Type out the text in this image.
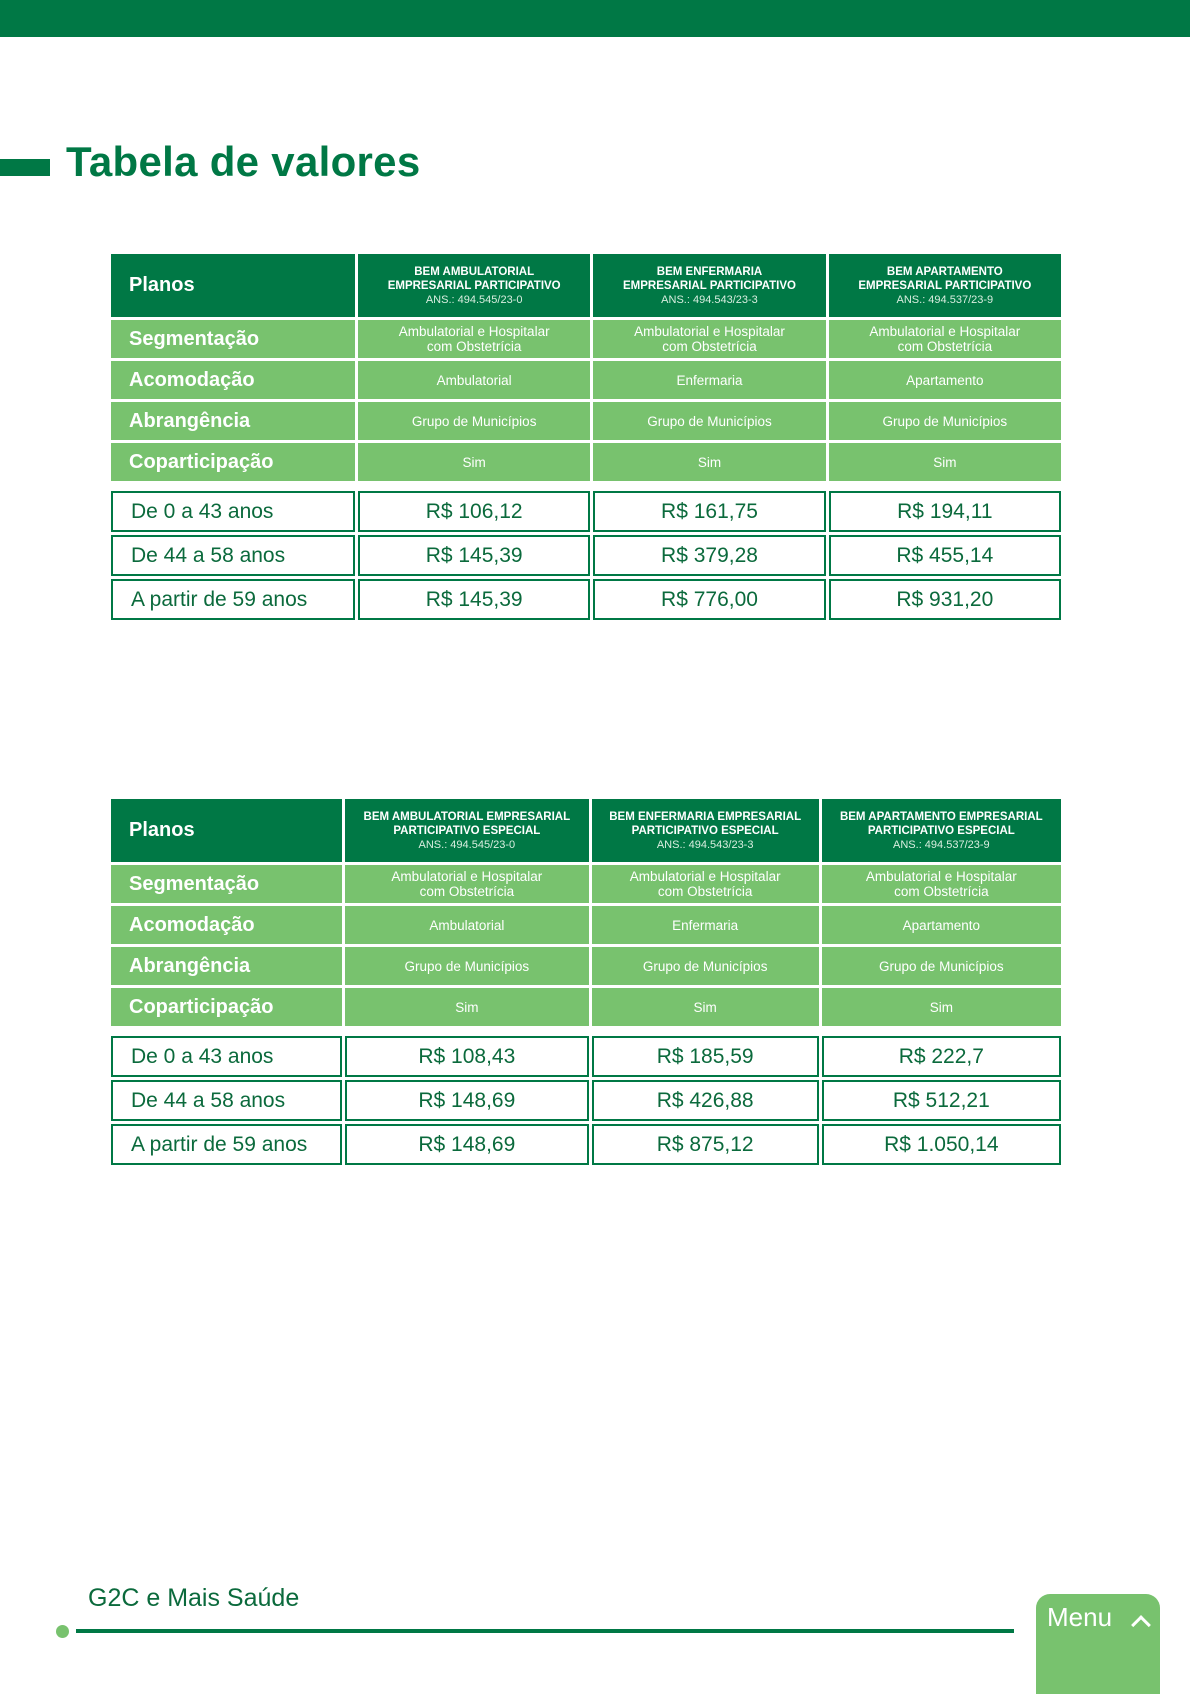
Tabela de valores
Planos	BEM AMBULATORIAL
EMPRESARIAL PARTICIPATIVO
ANS.: 494.545/23-0	BEM ENFERMARIA
EMPRESARIAL PARTICIPATIVO
ANS.: 494.543/23-3	BEM APARTAMENTO
EMPRESARIAL PARTICIPATIVO
ANS.: 494.537/23-9

Segmentação	Ambulatorial e Hospitalar
com Obstetrícia	Ambulatorial e Hospitalar
com Obstetrícia	Ambulatorial e Hospitalar
com Obstetrícia
Acomodação	Ambulatorial	Enfermaria	Apartamento
Abrangência	Grupo de Municípios	Grupo de Municípios	Grupo de Municípios
Coparticipação	Sim	Sim	Sim

De 0 a 43 anos	R$ 106,12	R$ 161,75	R$ 194,11
De 44 a 58 anos	R$ 145,39	R$ 379,28	R$ 455,14
A partir de 59 anos	R$ 145,39	R$ 776,00	R$ 931,20
Planos	BEM AMBULATORIAL EMPRESARIAL
PARTICIPATIVO ESPECIAL
ANS.: 494.545/23-0	BEM ENFERMARIA EMPRESARIAL
PARTICIPATIVO ESPECIAL
ANS.: 494.543/23-3	BEM APARTAMENTO EMPRESARIAL
PARTICIPATIVO ESPECIAL
ANS.: 494.537/23-9

Segmentação	Ambulatorial e Hospitalar
com Obstetrícia	Ambulatorial e Hospitalar
com Obstetrícia	Ambulatorial e Hospitalar
com Obstetrícia
Acomodação	Ambulatorial	Enfermaria	Apartamento
Abrangência	Grupo de Municípios	Grupo de Municípios	Grupo de Municípios
Coparticipação	Sim	Sim	Sim

De 0 a 43 anos	R$ 108,43	R$ 185,59	R$ 222,7
De 44 a 58 anos	R$ 148,69	R$ 426,88	R$ 512,21
A partir de 59 anos	R$ 148,69	R$ 875,12	R$ 1.050,14
G2C e Mais Saúde
Menu
